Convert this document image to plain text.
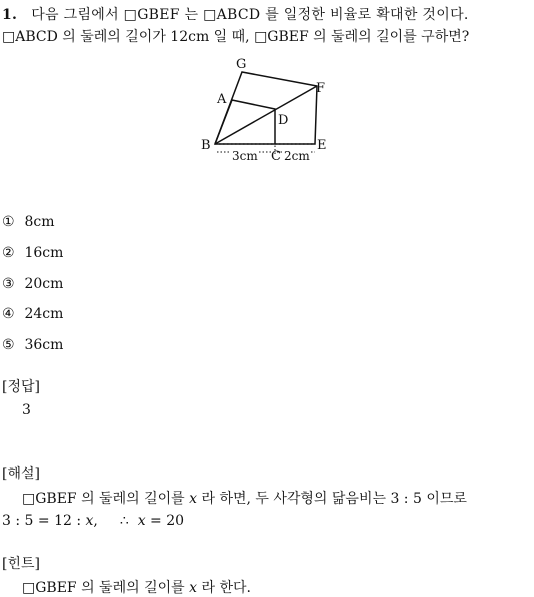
1. 다음 그림에서 □GBEF 는 □ABCD 를 일정한 비율로 확대한 것이다.
□ABCD 의 둘레의 길이가 12cm 일 때, □GBEF 의 둘레의 길이를 구하면?
G
A
F
D
B
C
E
3cm 2cm
① 8cm
② 16cm
③ 20cm
④ 24cm
⑤ 36cm
[정답]
3
[해설]
□GBEF 의 둘레의 길이를 x 라 하면, 두 사각형의 닮음비는 3 : 5 이므로
3 : 5 = 12 : x, ∴ x = 20
[힌트]
□GBEF 의 둘레의 길이를 x 라 한다.
